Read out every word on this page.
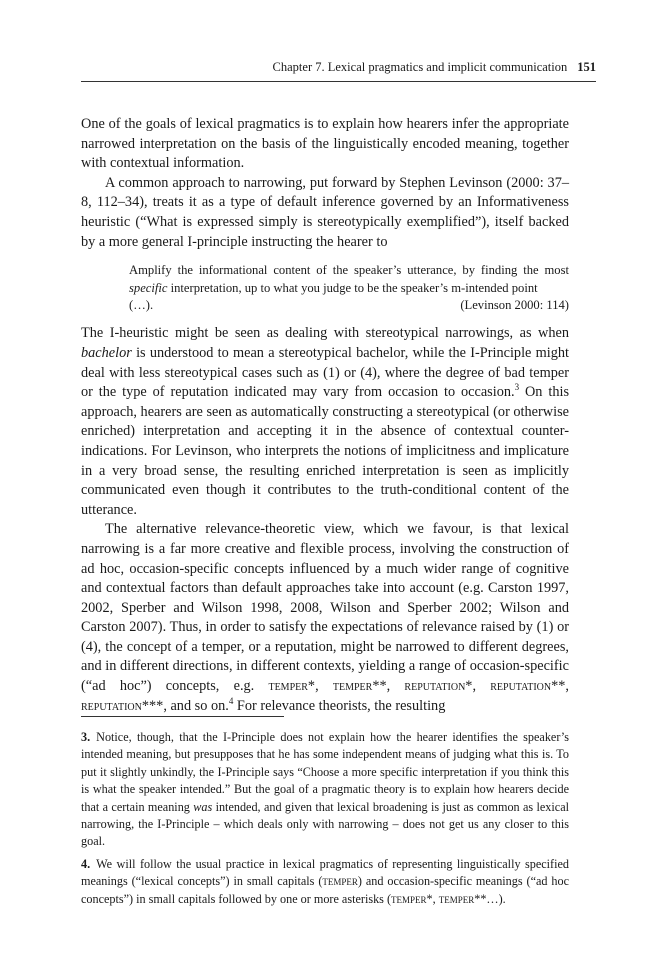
Chapter 7. Lexical pragmatics and implicit communication 151

One of the goals of lexical pragmatics is to explain how hearers infer the appropriate narrowed interpretation on the basis of the linguistically encoded meaning, together with contextual information.

A common approach to narrowing, put forward by Stephen Levinson (2000: 37–8, 112–34), treats it as a type of default inference governed by an Informativeness heuristic (“What is expressed simply is stereotypically exemplified”), itself backed by a more general I-principle instructing the hearer to

Amplify the informational content of the speaker’s utterance, by finding the most specific interpretation, up to what you judge to be the speaker’s m-intended point
(…).	(Levinson 2000: 114)

The I-heuristic might be seen as dealing with stereotypical narrowings, as when bachelor is understood to mean a stereotypical bachelor, while the I-Principle might deal with less stereotypical cases such as (1) or (4), where the degree of bad temper or the type of reputation indicated may vary from occasion to occasion.$^3$ On this approach, hearers are seen as automatically constructing a stereotypical (or otherwise enriched) interpretation and accepting it in the absence of contextual counter-indications. For Levinson, who interprets the notions of implicitness and implicature in a very broad sense, the resulting enriched interpretation is seen as implicitly communicated even though it contributes to the truth-conditional content of the utterance.

The alternative relevance-theoretic view, which we favour, is that lexical narrowing is a far more creative and flexible process, involving the construction of ad hoc, occasion-specific concepts influenced by a much wider range of cognitive and contextual factors than default approaches take into account (e.g. Carston 1997, 2002, Sperber and Wilson 1998, 2008, Wilson and Sperber 2002; Wilson and Carston 2007). Thus, in order to satisfy the expectations of relevance raised by (1) or (4), the concept of a temper, or a reputation, might be narrowed to different degrees, and in different directions, in different contexts, yielding a range of occasion-specific (“ad hoc”) concepts, e.g. temper*, temper**, reputation*, reputation**, reputation***, and so on.$^4$ For relevance theorists, the resulting

3. Notice, though, that the I-Principle does not explain how the hearer identifies the speaker’s intended meaning, but presupposes that he has some independent means of judging what this is. To put it slightly unkindly, the I-Principle says “Choose a more specific interpretation if you think this is what the speaker intended.” But the goal of a pragmatic theory is to explain how hearers decide that a certain meaning was intended, and given that lexical broadening is just as common as lexical narrowing, the I-Principle – which deals only with narrowing – does not get us any closer to this goal.

4. We will follow the usual practice in lexical pragmatics of representing linguistically specified meanings (“lexical concepts”) in small capitals (temper) and occasion-specific meanings (“ad hoc concepts”) in small capitals followed by one or more asterisks (temper*, temper**…).
